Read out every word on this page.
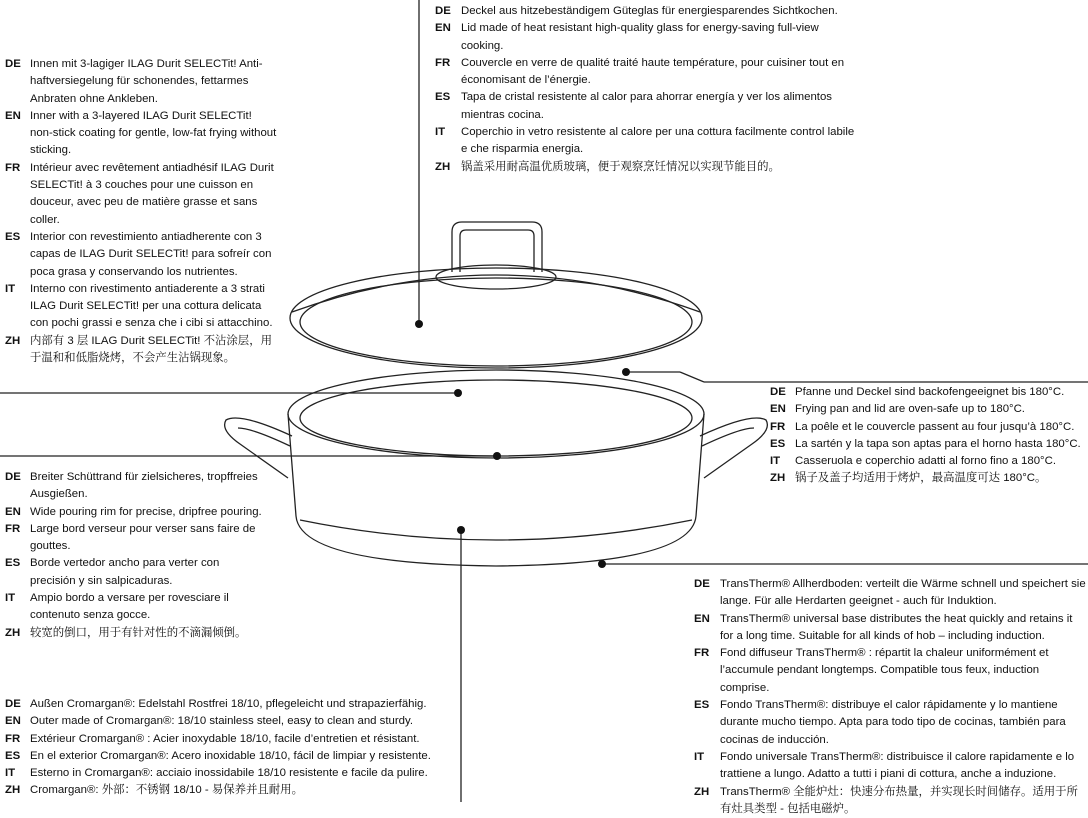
DE Deckel aus hitzebeständigem Güteglas für energiesparendes Sichtkochen.
EN Lid made of heat resistant high-quality glass for energy-saving full-view cooking.
FR Couvercle en verre de qualité traité haute température, pour cuisiner tout en économisant de l’énergie.
ES Tapa de cristal resistente al calor para ahorrar energía y ver los alimentos mientras cocina.
IT	Coperchio in vetro resistente al calore per una cottura facilmente control labile e che risparmia energia.
ZH 锅盖采用耐高温优质玻璃，便于观察烹饪情况以实现节能目的。
DE Innen mit 3-lagiger ILAG Durit SELECTit! Anti-haftversiegelung für schonendes, fettarmes Anbraten ohne Ankleben.
EN Inner with a 3-layered ILAG Durit SELECTit! non-stick coating for gentle, low-fat frying without sticking.
FR Intérieur avec revêtement antiadhésif ILAG Durit SELECTit! à 3 couches pour une cuisson en douceur, avec peu de matière grasse et sans coller.
ES Interior con revestimiento antiadherente con 3 capas de ILAG Durit SELECTit! para sofreír con poca grasa y conservando los nutrientes.
IT	Interno con rivestimento antiaderente a 3 strati ILAG Durit SELECTit! per una cottura delicata con pochi grassi e senza che i cibi si attacchino.
ZH 内部有 3 层 ILAG Durit SELECTit! 不沾涂层，用于温和和低脂烧烤，不会产生沾锅现象。
DE Pfanne und Deckel sind backofengeeignet bis 180°C.
EN Frying pan and lid are oven-safe up to 180°C.
FR La poêle et le couvercle passent au four jusqu’à 180°C.
ES La sartén y la tapa son aptas para el horno hasta 180°C.
IT	Casseruola e coperchio adatti al forno fino a 180°C.
ZH 锅子及盖子均适用于烤炉，最高温度可达 180°C。
DE Breiter Schüttrand für zielsicheres, tropffreies Ausgießen.
EN Wide pouring rim for precise, dripfree pouring.
FR Large bord verseur pour verser sans faire de gouttes.
ES Borde vertedor ancho para verter con precisión y sin salpicaduras.
IT	Ampio bordo a versare per rovesciare il contenuto senza gocce.
ZH 较宽的倒口，用于有针对性的不滴漏倾倒。
DE Außen Cromargan®: Edelstahl Rostfrei 18/10, pflegeleicht und strapazierfähig.
EN Outer made of Cromargan®: 18/10 stainless steel, easy to clean and sturdy.
FR Extérieur Cromargan® : Acier inoxydable 18/10, facile d’entretien et résistant.
ES En el exterior Cromargan®: Acero inoxidable 18/10, fácil de limpiar y resistente.
IT	Esterno in Cromargan®: acciaio inossidabile 18/10 resistente e facile da pulire.
ZH Cromargan®: 外部：不锈钢 18/10 - 易保养并且耐用。
DE TransTherm® Allherdboden: verteilt die Wärme schnell und speichert sie lange. Für alle Herdarten geeignet - auch für Induktion.
EN TransTherm® universal base distributes the heat quickly and retains it for a long time. Suitable for all kinds of hob – including induction.
FR Fond diffuseur TransTherm® : répartit la chaleur uniformément et l’accumule pendant longtemps. Compatible tous feux, induction comprise.
ES Fondo TransTherm®: distribuye el calor rápidamente y lo mantiene durante mucho tiempo. Apta para todo tipo de cocinas, también para cocinas de inducción.
IT	Fondo universale TransTherm®: distribuisce il calore rapidamente e lo trattiene a lungo. Adatto a tutti i piani di cottura, anche a induzione.
ZH TransTherm® 全能炉灶：快速分布热量，并实现长时间储存。适用于所有灶具类型 - 包括电磁炉。
